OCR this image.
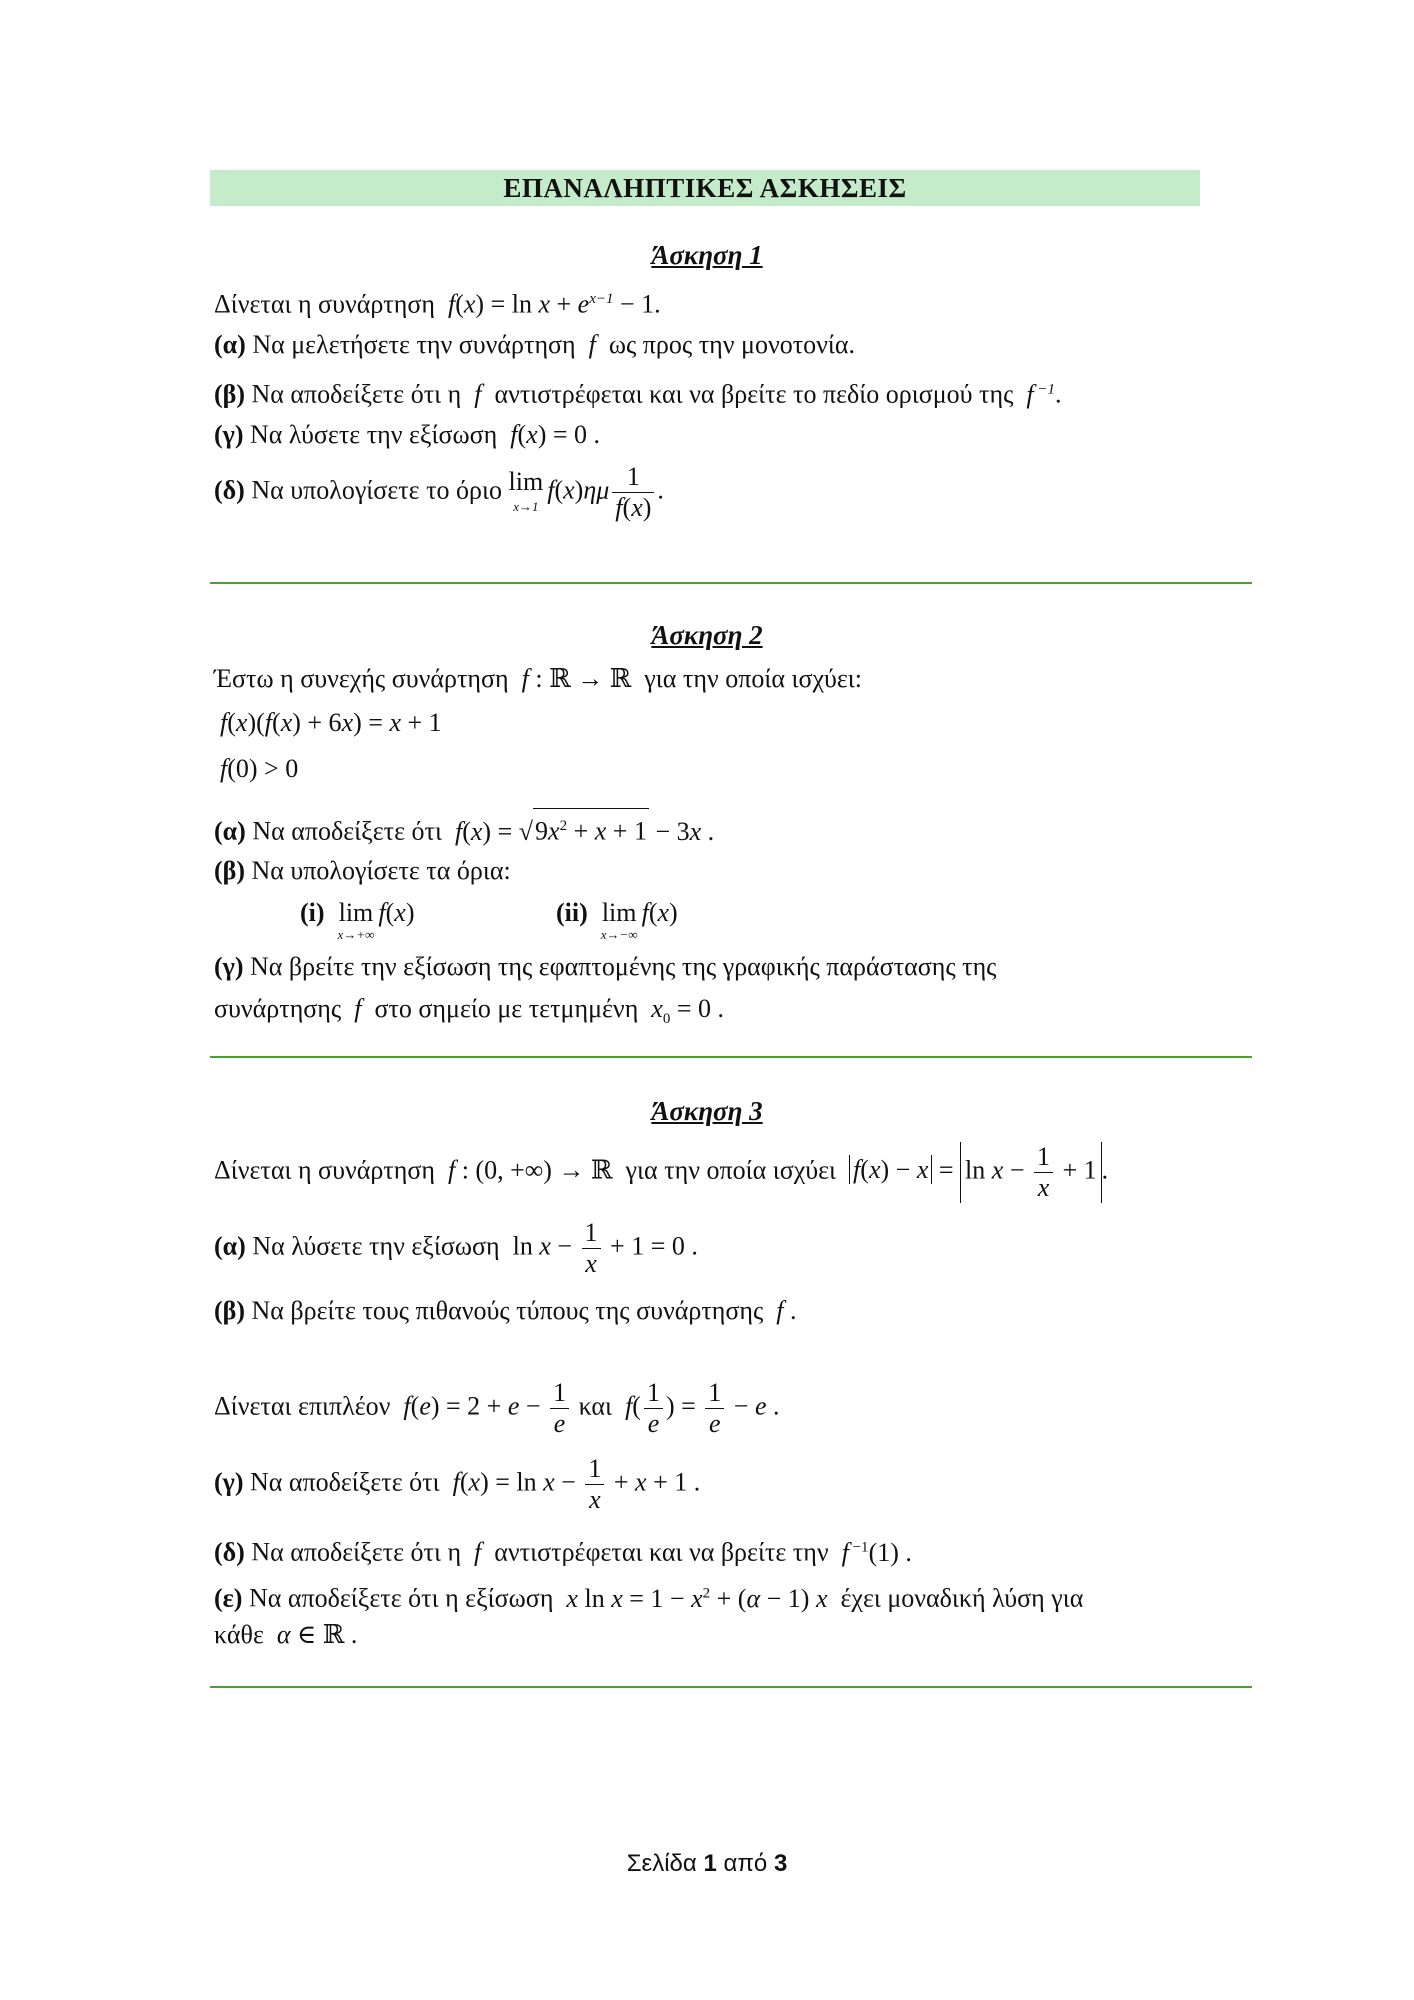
ΕΠΑΝΑΛΗΠΤΙΚΕΣ ΑΣΚΗΣΕΙΣ
Άσκηση 1
Δίνεται η συνάρτηση  $f(x) = \ln x + e^{x-1} - 1$.
(α) Να μελετήσετε την συνάρτηση  f  ως προς την μονοτονία.
(β) Να αποδείξετε ότι η  f  αντιστρέφεται και να βρείτε το πεδίο ορισμού της  f $^{-1}$.
(γ) Να λύσετε την εξίσωση f(x) = 0 .
(δ) Να υπολογίσετε το όριο lim
x→1
$f(x)\eta\mu \frac{1}{f(x)}$ .
Άσκηση 2
Έστω η συνεχής συνάρτηση f : ℝ → ℝ  για την οποία ισχύει:
f(x)(f(x) + 6x) = x + 1
f(0) > 0
(α) Να αποδείξετε ότι $f(x) = √9x^2 + x + 1 - 3x$ .
(β) Να υπολογίσετε τα όρια:
(i) lim
x→+∞
f(x)	(ii) lim
x→−∞
f(x)
(γ) Να βρείτε την εξίσωση της εφαπτομένης της γραφικής παράστασης της
συνάρτησης  f  στο σημείο με τετμημένη $x_0 = 0$ .
Άσκηση 3
Δίνεται η συνάρτηση f : (0, +∞) → ℝ  για την οποία ισχύει $f(x) - x = \ln x - \frac{1}{x} + 1$ .
(α) Να λύσετε την εξίσωση  $\ln x - \frac{1}{x} + 1 = 0$ .
(β) Να βρείτε τους πιθανούς τύπους της συνάρτησης  f .
Δίνεται επιπλέον $f(e) = 2 + e - \frac{1}{e}$ και $f( \frac{1}{e}$ ) = $\frac{1}{e} - e$ .
(γ) Να αποδείξετε ότι $f(x) = \ln x - \frac{1}{x} + x + 1$ .
(δ) Να αποδείξετε ότι η  f  αντιστρέφεται και να βρείτε την f $^{-1}$(1) .
(ε) Να αποδείξετε ότι η εξίσωση x $\ln x = 1 - x^2 + (\alpha - 1)$ x έχει μοναδική λύση για
κάθε α ∈ ℝ .
Σελίδα 1 από 3
